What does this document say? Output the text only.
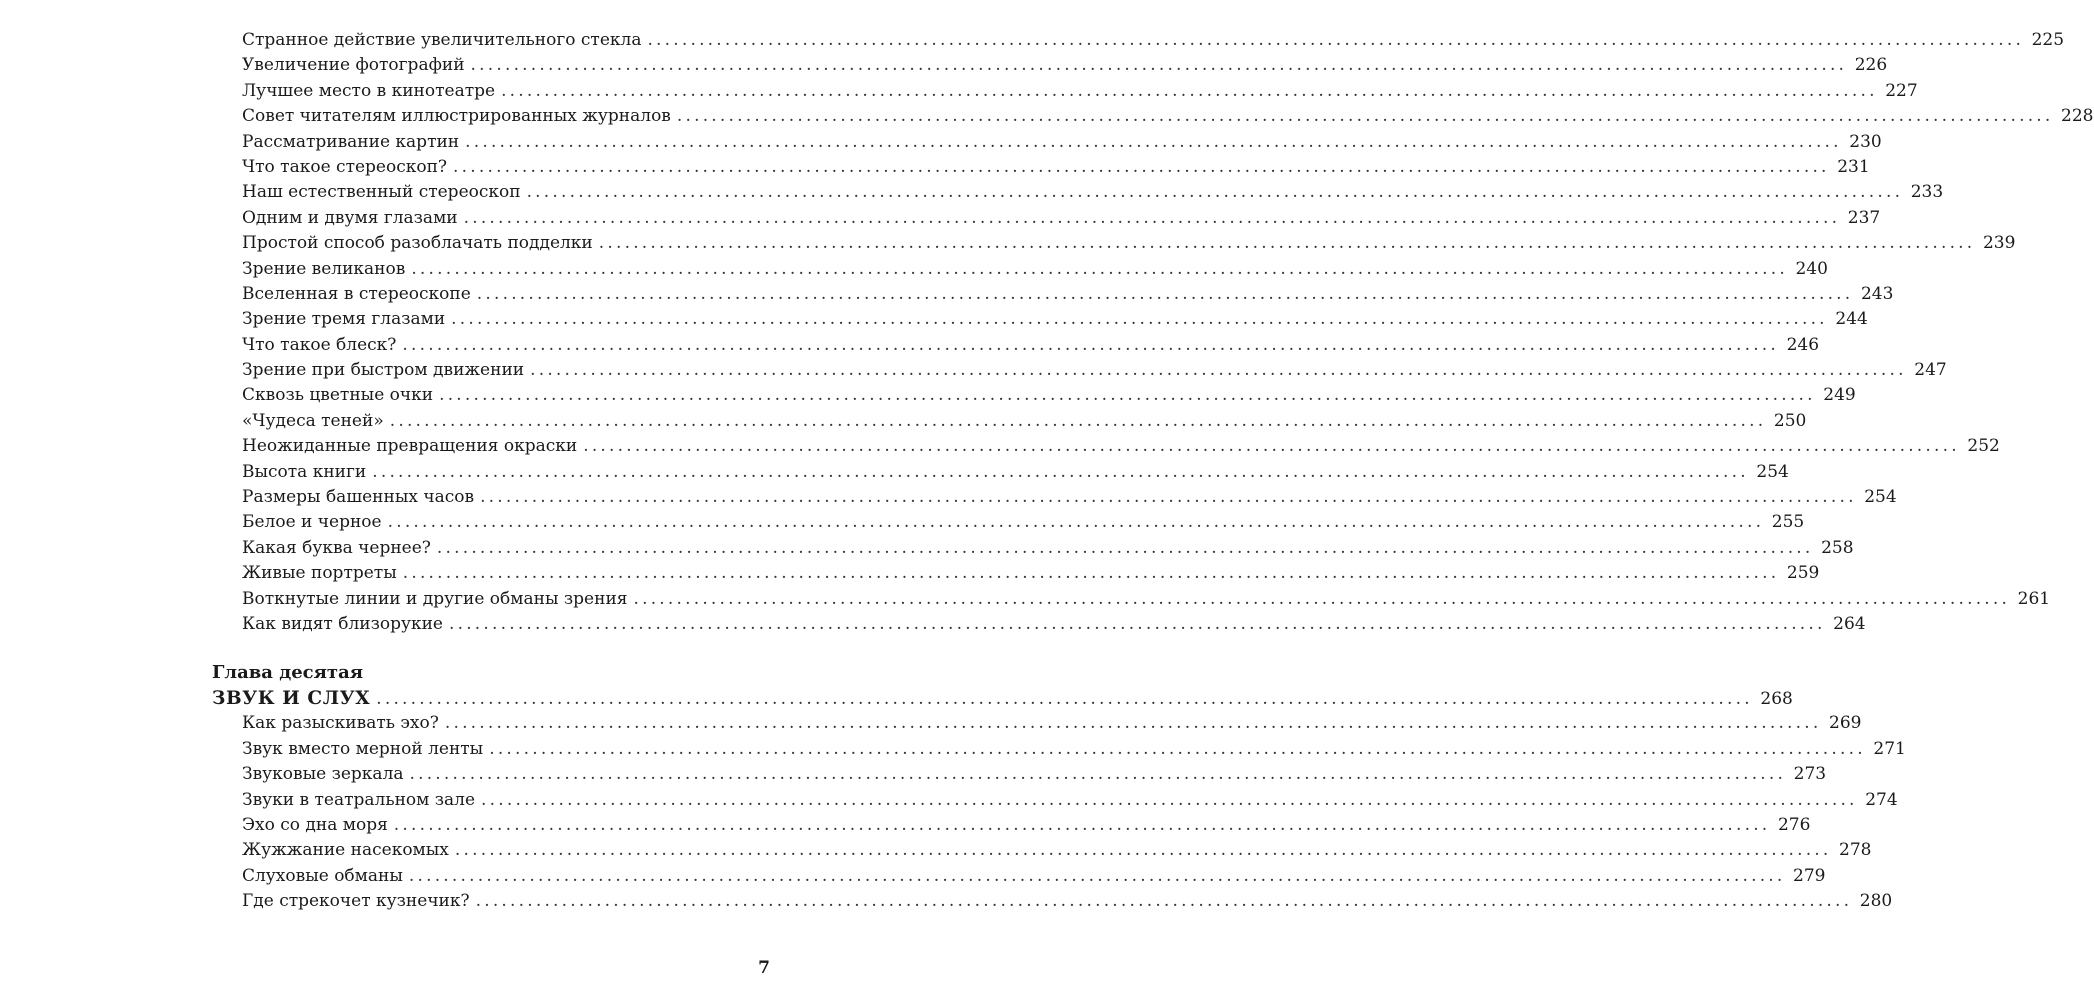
Странное действие увеличительного стекла ................................................................................................................................................................ 225
Увеличение фотографий ................................................................................................................................................................ 226
Лучшее место в кинотеатре ................................................................................................................................................................ 227
Совет читателям иллюстрированных журналов ................................................................................................................................................................ 228
Рассматривание картин ................................................................................................................................................................ 230
Что такое стереоскоп? ................................................................................................................................................................ 231
Наш естественный стереоскоп ................................................................................................................................................................ 233
Одним и двумя глазами ................................................................................................................................................................ 237
Простой способ разоблачать подделки ................................................................................................................................................................ 239
Зрение великанов ................................................................................................................................................................ 240
Вселенная в стереоскопе ................................................................................................................................................................ 243
Зрение тремя глазами ................................................................................................................................................................ 244
Что такое блеск? ................................................................................................................................................................ 246
Зрение при быстром движении ................................................................................................................................................................ 247
Сквозь цветные очки ................................................................................................................................................................ 249
«Чудеса теней» ................................................................................................................................................................ 250
Неожиданные превращения окраски ................................................................................................................................................................ 252
Высота книги ................................................................................................................................................................ 254
Размеры башенных часов ................................................................................................................................................................ 254
Белое и черное ................................................................................................................................................................ 255
Какая буква чернее? ................................................................................................................................................................ 258
Живые портреты ................................................................................................................................................................ 259
Воткнутые линии и другие обманы зрения ................................................................................................................................................................ 261
Как видят близорукие ................................................................................................................................................................ 264
Глава десятая
ЗВУК И СЛУХ ................................................................................................................................................................ 268
Как разыскивать эхо? ................................................................................................................................................................ 269
Звук вместо мерной ленты ................................................................................................................................................................ 271
Звуковые зеркала ................................................................................................................................................................ 273
Звуки в театральном зале ................................................................................................................................................................ 274
Эхо со дна моря ................................................................................................................................................................ 276
Жужжание насекомых ................................................................................................................................................................ 278
Слуховые обманы ................................................................................................................................................................ 279
Где стрекочет кузнечик? ................................................................................................................................................................ 280
7
